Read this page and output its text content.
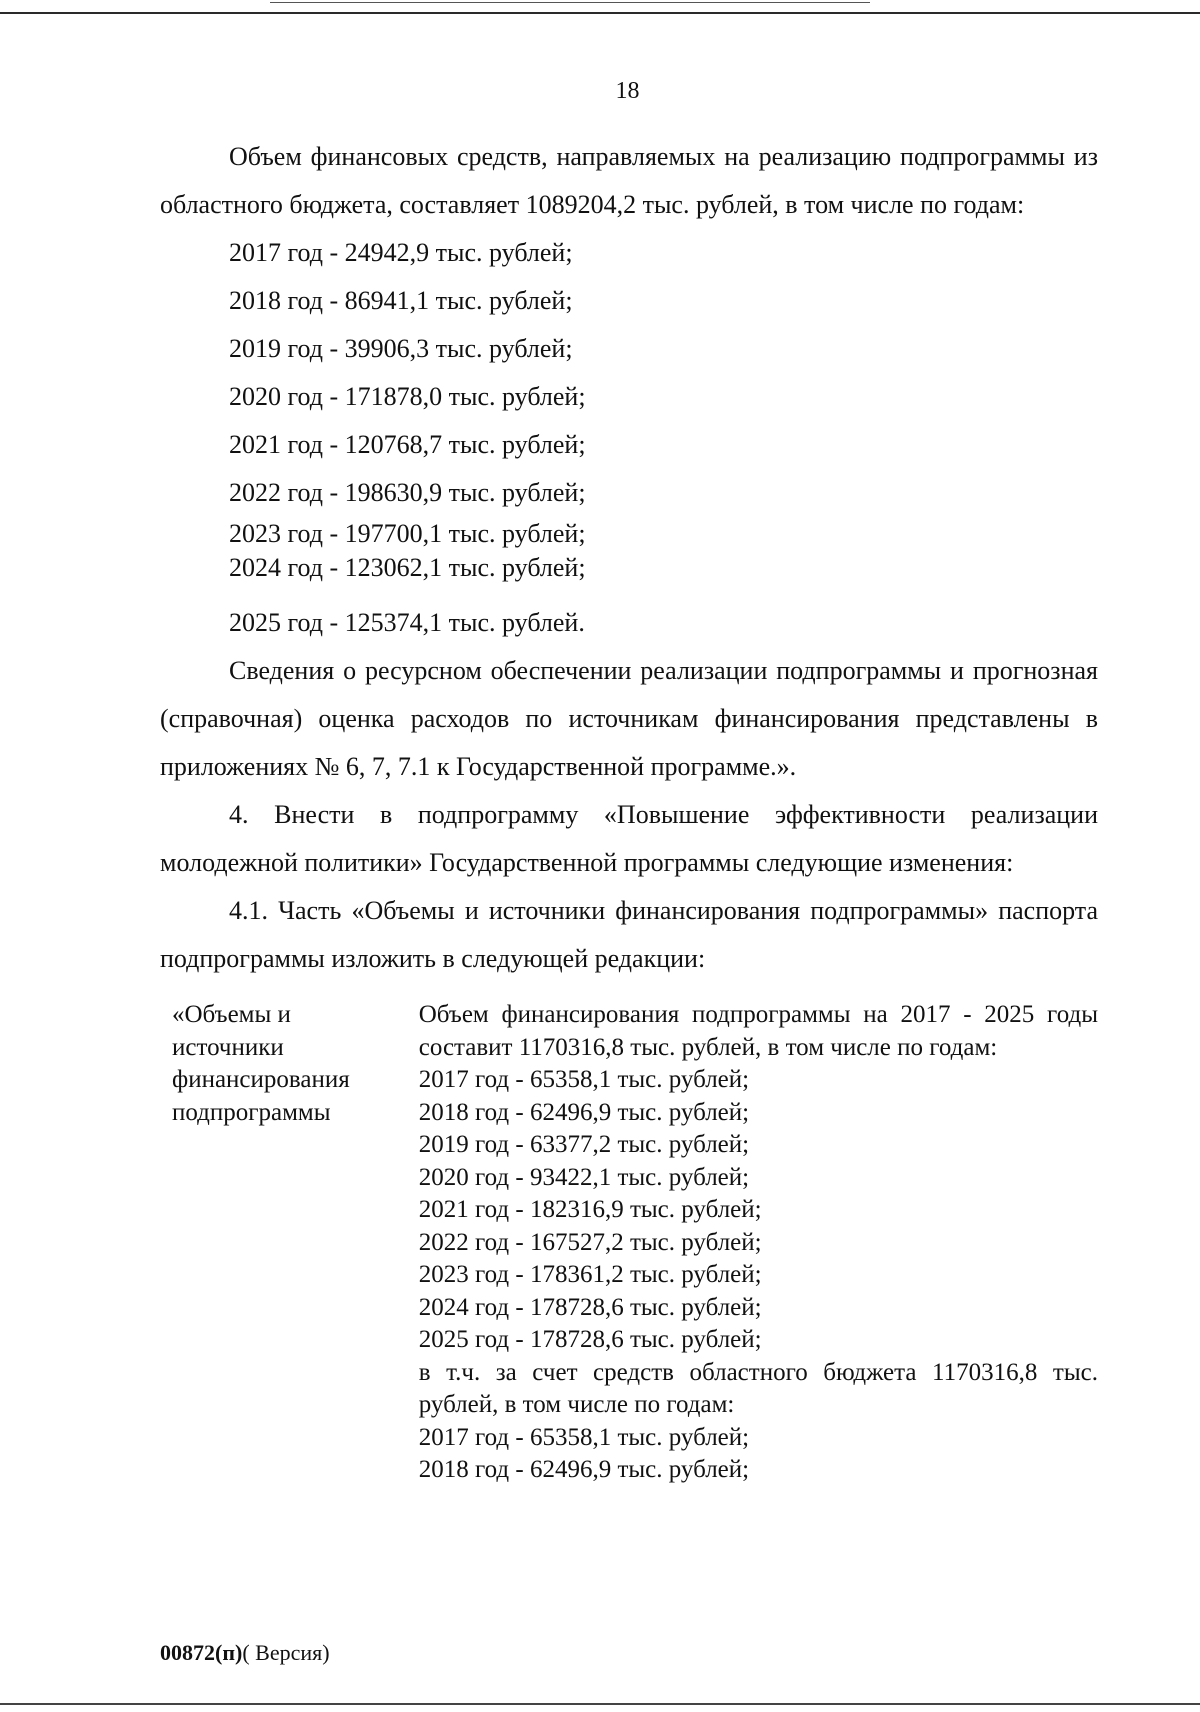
18

Объем финансовых средств, направляемых на реализацию подпрограммы из областного бюджета, составляет 1089204,2 тыс. рублей, в том числе по годам:

2017 год - 24942,9 тыс. рублей;
2018 год - 86941,1 тыс. рублей;
2019 год - 39906,3 тыс. рублей;
2020 год - 171878,0 тыс. рублей;
2021 год - 120768,7 тыс. рублей;
2022 год - 198630,9 тыс. рублей;
2023 год - 197700,1 тыс. рублей;
2024 год - 123062,1 тыс. рублей;
2025 год - 125374,1 тыс. рублей.

Сведения о ресурсном обеспечении реализации подпрограммы и прогнозная (справочная) оценка расходов по источникам финансирования представлены в приложениях № 6, 7, 7.1 к Государственной программе.».

4. Внести в подпрограмму «Повышение эффективности реализации молодежной политики» Государственной программы следующие изменения:

4.1. Часть «Объемы и источники финансирования подпрограммы» паспорта подпрограммы изложить в следующей редакции:

«Объемы и
источники
финансирования
подпрограммы
Объем финансирования подпрограммы на 2017 - 2025 годы составит 1170316,8 тыс. рублей, в том числе по годам:
2017 год - 65358,1 тыс. рублей;
2018 год - 62496,9 тыс. рублей;
2019 год - 63377,2 тыс. рублей;
2020 год - 93422,1 тыс. рублей;
2021 год - 182316,9 тыс. рублей;
2022 год - 167527,2 тыс. рублей;
2023 год - 178361,2 тыс. рублей;
2024 год - 178728,6 тыс. рублей;
2025 год - 178728,6 тыс. рублей;
в т.ч. за счет средств областного бюджета 1170316,8 тыс. рублей, в том числе по годам:
2017 год - 65358,1 тыс. рублей;
2018 год - 62496,9 тыс. рублей;
00872(п)( Версия)
